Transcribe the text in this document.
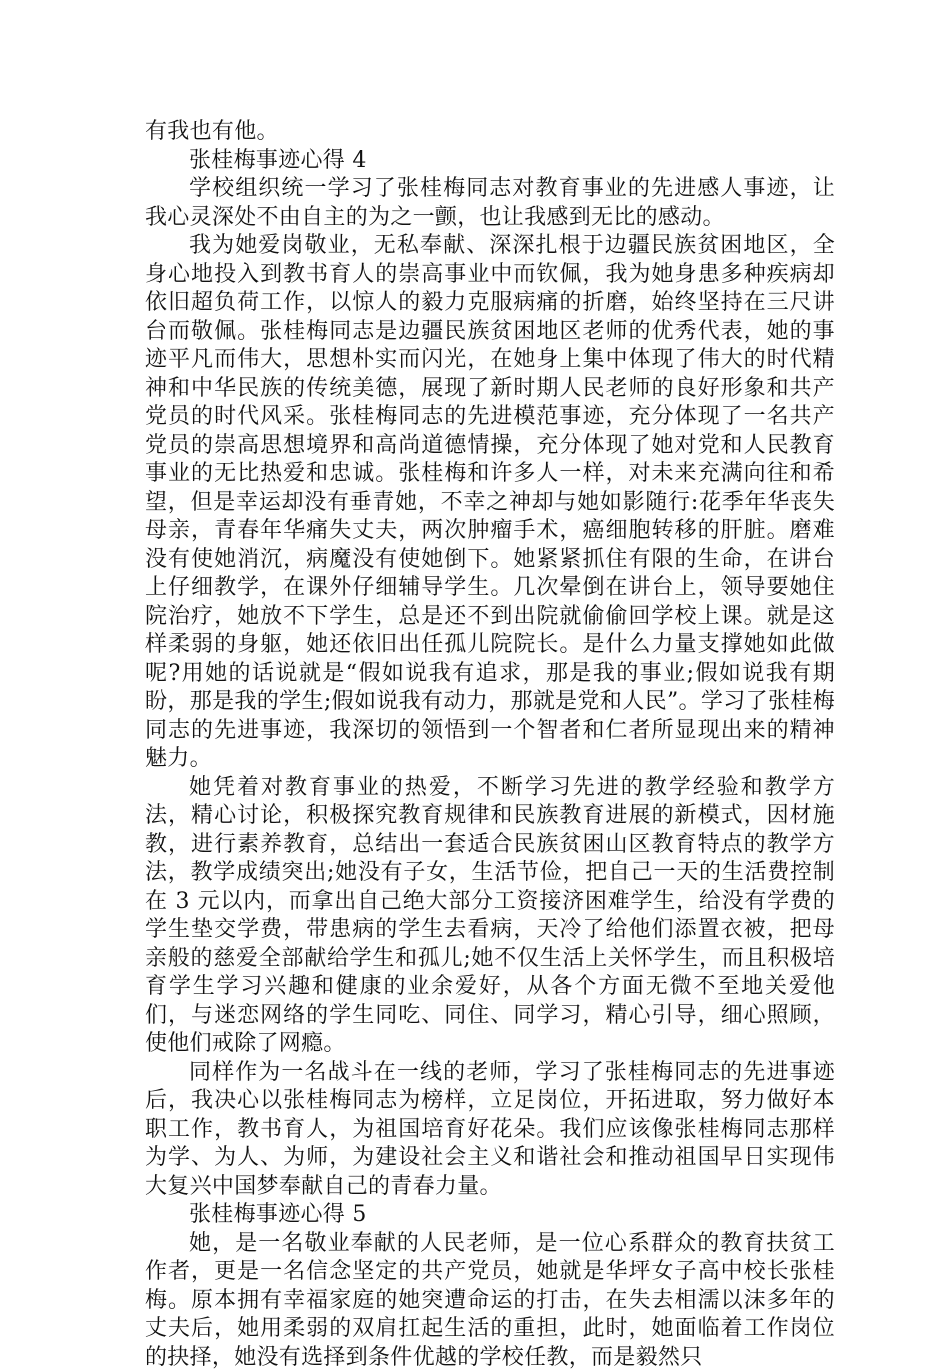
有我也有他。

张桂梅事迹心得 4

学校组织统一学习了张桂梅同志对教育事业的先进感人事迹，让我心灵深处不由自主的为之一颤，也让我感到无比的感动。

我为她爱岗敬业，无私奉献、深深扎根于边疆民族贫困地区，全身心地投入到教书育人的崇高事业中而钦佩，我为她身患多种疾病却依旧超负荷工作，以惊人的毅力克服病痛的折磨，始终坚持在三尺讲台而敬佩。张桂梅同志是边疆民族贫困地区老师的优秀代表，她的事迹平凡而伟大，思想朴实而闪光，在她身上集中体现了伟大的时代精神和中华民族的传统美德，展现了新时期人民老师的良好形象和共产党员的时代风采。张桂梅同志的先进模范事迹，充分体现了一名共产党员的崇高思想境界和高尚道德情操，充分体现了她对党和人民教育事业的无比热爱和忠诚。张桂梅和许多人一样，对未来充满向往和希望，但是幸运却没有垂青她，不幸之神却与她如影随行:花季年华丧失母亲，青春年华痛失丈夫，两次肿瘤手术，癌细胞转移的肝脏。磨难没有使她消沉，病魔没有使她倒下。她紧紧抓住有限的生命，在讲台上仔细教学，在课外仔细辅导学生。几次晕倒在讲台上，领导要她住院治疗，她放不下学生，总是还不到出院就偷偷回学校上课。就是这样柔弱的身躯，她还依旧出任孤儿院院长。是什么力量支撑她如此做呢?用她的话说就是“假如说我有追求，那是我的事业;假如说我有期盼，那是我的学生;假如说我有动力，那就是党和人民”。学习了张桂梅同志的先进事迹，我深切的领悟到一个智者和仁者所显现出来的精神魅力。

她凭着对教育事业的热爱，不断学习先进的教学经验和教学方法，精心讨论，积极探究教育规律和民族教育进展的新模式，因材施教，进行素养教育，总结出一套适合民族贫困山区教育特点的教学方法，教学成绩突出;她没有子女，生活节俭，把自己一天的生活费控制在 3 元以内，而拿出自己绝大部分工资接济困难学生，给没有学费的学生垫交学费，带患病的学生去看病，天冷了给他们添置衣被，把母亲般的慈爱全部献给学生和孤儿;她不仅生活上关怀学生，而且积极培育学生学习兴趣和健康的业余爱好，从各个方面无微不至地关爱他们，与迷恋网络的学生同吃、同住、同学习，精心引导，细心照顾，使他们戒除了网瘾。

同样作为一名战斗在一线的老师，学习了张桂梅同志的先进事迹后，我决心以张桂梅同志为榜样，立足岗位，开拓进取，努力做好本职工作，教书育人，为祖国培育好花朵。我们应该像张桂梅同志那样为学、为人、为师，为建设社会主义和谐社会和推动祖国早日实现伟大复兴中国梦奉献自己的青春力量。

张桂梅事迹心得 5

她，是一名敬业奉献的人民老师，是一位心系群众的教育扶贫工作者，更是一名信念坚定的共产党员，她就是华坪女子高中校长张桂梅。原本拥有幸福家庭的她突遭命运的打击，在失去相濡以沫多年的丈夫后，她用柔弱的双肩扛起生活的重担，此时，她面临着工作岗位的抉择，她没有选择到条件优越的学校任教，而是毅然只
